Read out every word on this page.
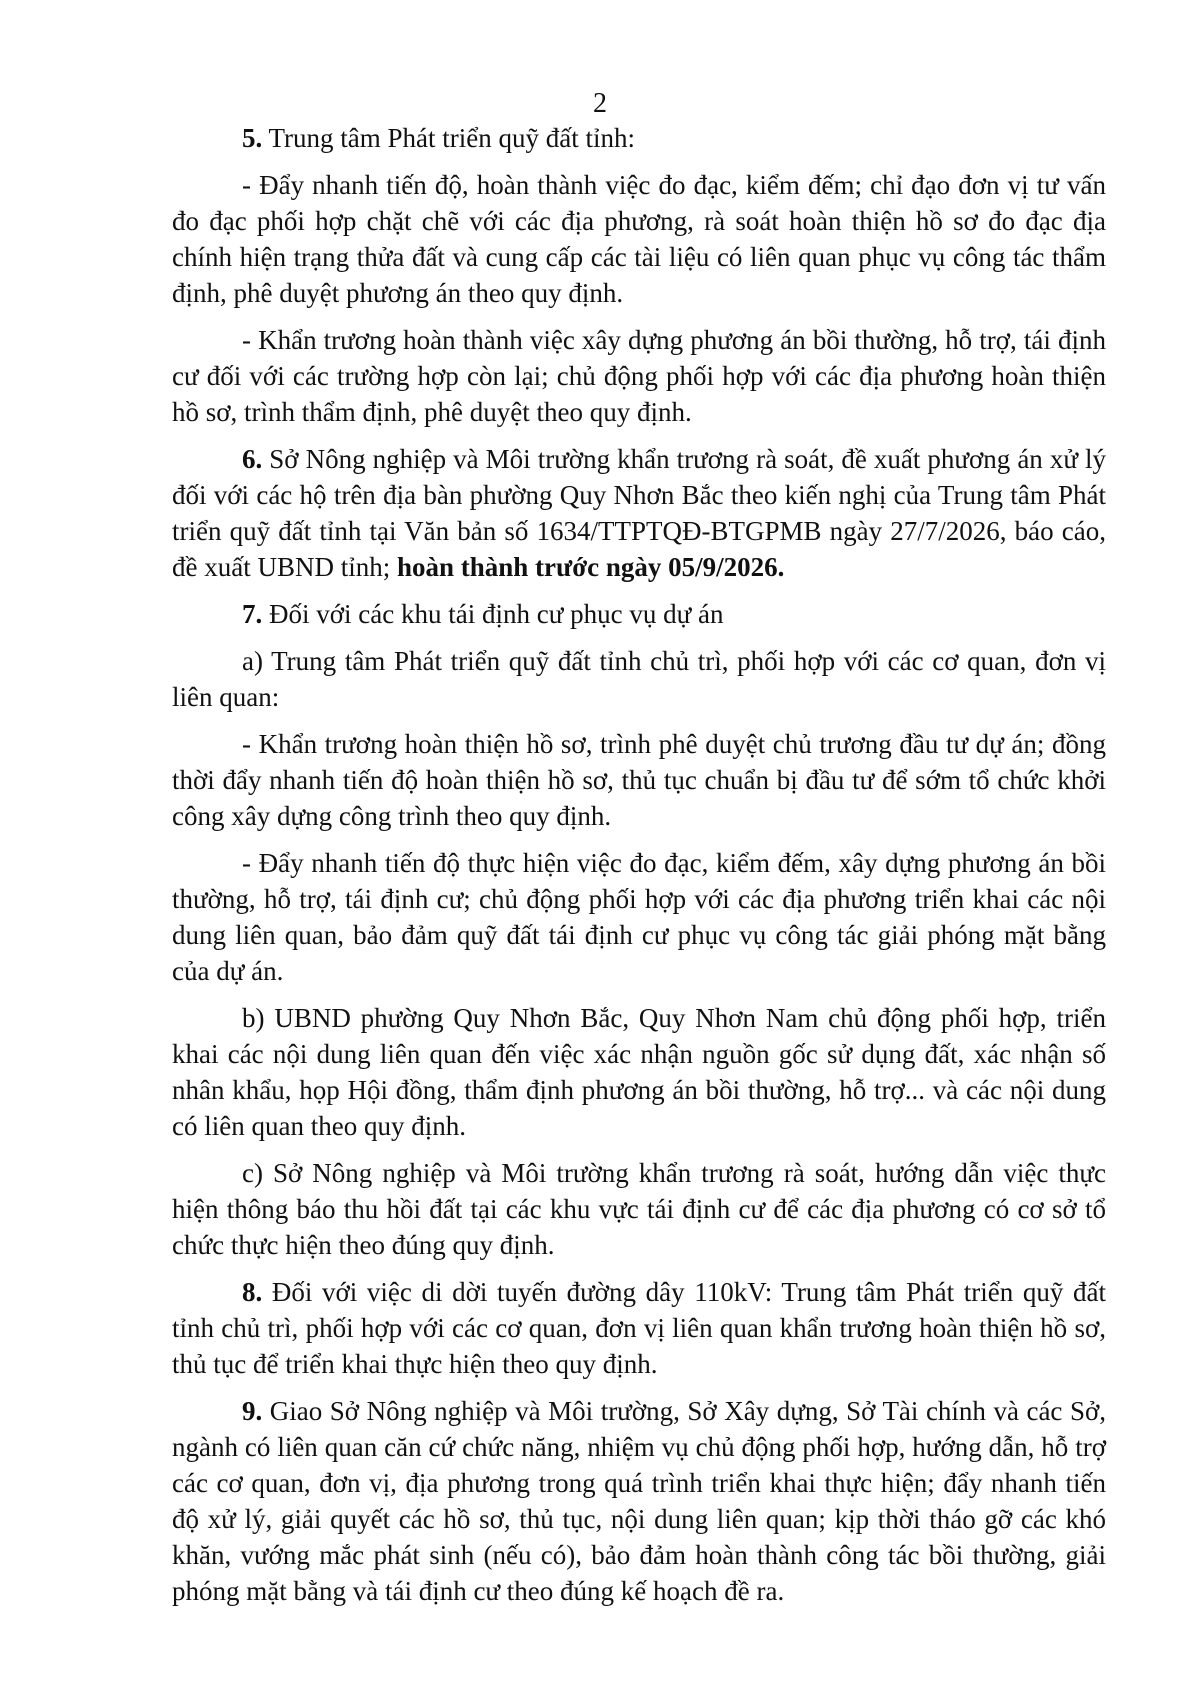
2

5. Trung tâm Phát triển quỹ đất tỉnh:

- Đẩy nhanh tiến độ, hoàn thành việc đo đạc, kiểm đếm; chỉ đạo đơn vị tư vấn đo đạc phối hợp chặt chẽ với các địa phương, rà soát hoàn thiện hồ sơ đo đạc địa chính hiện trạng thửa đất và cung cấp các tài liệu có liên quan phục vụ công tác thẩm định, phê duyệt phương án theo quy định.

- Khẩn trương hoàn thành việc xây dựng phương án bồi thường, hỗ trợ, tái định cư đối với các trường hợp còn lại; chủ động phối hợp với các địa phương hoàn thiện hồ sơ, trình thẩm định, phê duyệt theo quy định.

6. Sở Nông nghiệp và Môi trường khẩn trương rà soát, đề xuất phương án xử lý đối với các hộ trên địa bàn phường Quy Nhơn Bắc theo kiến nghị của Trung tâm Phát triển quỹ đất tỉnh tại Văn bản số 1634/TTPTQĐ-BTGPMB ngày 27/7/2026, báo cáo, đề xuất UBND tỉnh; hoàn thành trước ngày 05/9/2026.

7. Đối với các khu tái định cư phục vụ dự án

a) Trung tâm Phát triển quỹ đất tỉnh chủ trì, phối hợp với các cơ quan, đơn vị liên quan:

- Khẩn trương hoàn thiện hồ sơ, trình phê duyệt chủ trương đầu tư dự án; đồng thời đẩy nhanh tiến độ hoàn thiện hồ sơ, thủ tục chuẩn bị đầu tư để sớm tổ chức khởi công xây dựng công trình theo quy định.

- Đẩy nhanh tiến độ thực hiện việc đo đạc, kiểm đếm, xây dựng phương án bồi thường, hỗ trợ, tái định cư; chủ động phối hợp với các địa phương triển khai các nội dung liên quan, bảo đảm quỹ đất tái định cư phục vụ công tác giải phóng mặt bằng của dự án.

b) UBND phường Quy Nhơn Bắc, Quy Nhơn Nam chủ động phối hợp, triển khai các nội dung liên quan đến việc xác nhận nguồn gốc sử dụng đất, xác nhận số nhân khẩu, họp Hội đồng, thẩm định phương án bồi thường, hỗ trợ... và các nội dung có liên quan theo quy định.

c) Sở Nông nghiệp và Môi trường khẩn trương rà soát, hướng dẫn việc thực hiện thông báo thu hồi đất tại các khu vực tái định cư để các địa phương có cơ sở tổ chức thực hiện theo đúng quy định.

8. Đối với việc di dời tuyến đường dây 110kV: Trung tâm Phát triển quỹ đất tỉnh chủ trì, phối hợp với các cơ quan, đơn vị liên quan khẩn trương hoàn thiện hồ sơ, thủ tục để triển khai thực hiện theo quy định.

9. Giao Sở Nông nghiệp và Môi trường, Sở Xây dựng, Sở Tài chính và các Sở, ngành có liên quan căn cứ chức năng, nhiệm vụ chủ động phối hợp, hướng dẫn, hỗ trợ các cơ quan, đơn vị, địa phương trong quá trình triển khai thực hiện; đẩy nhanh tiến độ xử lý, giải quyết các hồ sơ, thủ tục, nội dung liên quan; kịp thời tháo gỡ các khó khăn, vướng mắc phát sinh (nếu có), bảo đảm hoàn thành công tác bồi thường, giải phóng mặt bằng và tái định cư theo đúng kế hoạch đề ra.
